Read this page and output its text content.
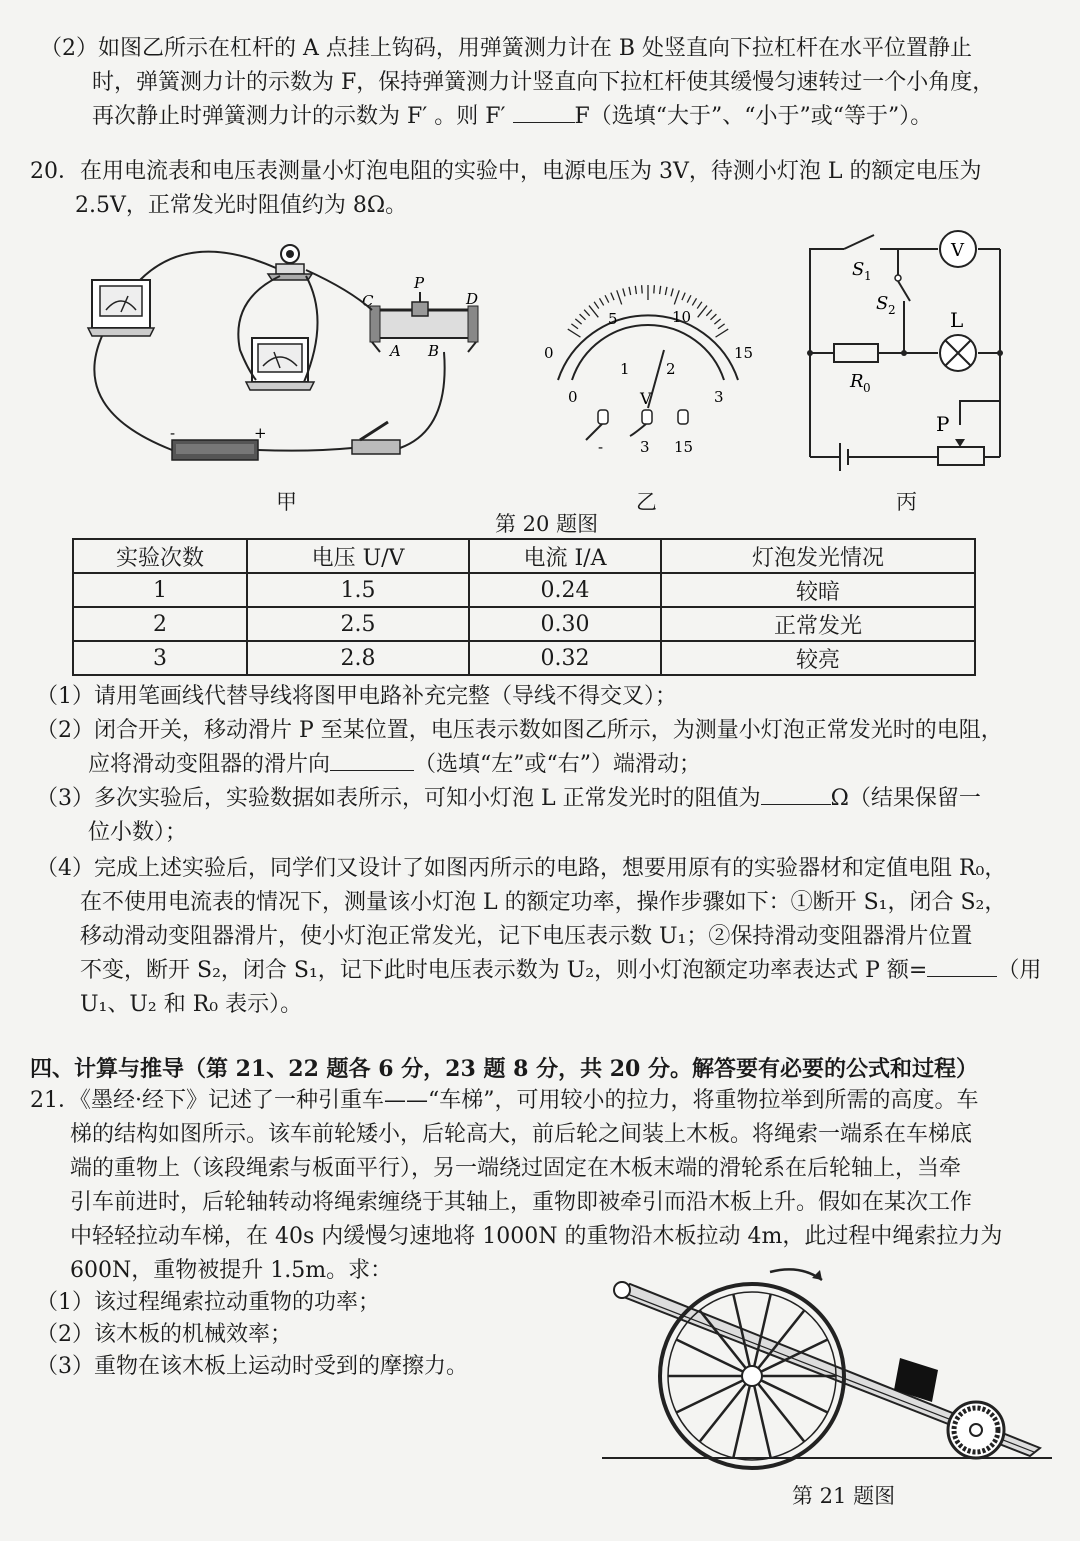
（2）如图乙所示在杠杆的 A 点挂上钩码，用弹簧测力计在 B 处竖直向下拉杠杆在水平位置静止
时，弹簧测力计的示数为 F，保持弹簧测力计竖直向下拉杠杆使其缓慢匀速转过一个小角度，
再次静止时弹簧测力计的示数为 F′ 。则 F′	F（选填“大于”、“小于”或“等于”）。
20．在用电流表和电压表测量小灯泡电阻的实验中，电源电压为 3V，待测小灯泡 L 的额定电压为
2.5V，正常发光时阻值约为 8Ω。
C
P
D
A B
-	+
甲
0
5	10
15
0
1 2
3
V
- 3 15
乙
V
S 1
S 2	L
R 0
P
丙
第 20 题图
实验次数	电压 U/V	电流 I/A	灯泡发光情况
1	1.5	0.24	较暗
2	2.5	0.30	正常发光
3	2.8	0.32	较亮
（1）请用笔画线代替导线将图甲电路补充完整（导线不得交叉）；
（2）闭合开关，移动滑片 P 至某位置，电压表示数如图乙所示，为测量小灯泡正常发光时的电阻，
应将滑动变阻器的滑片向	（选填“左”或“右”）端滑动；
（3）多次实验后，实验数据如表所示，可知小灯泡 L 正常发光时的阻值为	Ω（结果保留一
位小数）；
（4）完成上述实验后，同学们又设计了如图丙所示的电路，想要用原有的实验器材和定值电阻 R₀，
在不使用电流表的情况下，测量该小灯泡 L 的额定功率，操作步骤如下：①断开 S₁，闭合 S₂，
移动滑动变阻器滑片，使小灯泡正常发光，记下电压表示数 U₁；②保持滑动变阻器滑片位置
不变，断开 S₂，闭合 S₁，记下此时电压表示数为 U₂，则小灯泡额定功率表达式 P 额=	（用
U₁、U₂ 和 R₀ 表示）。
四、计算与推导（第 21、22 题各 6 分，23 题 8 分，共 20 分。解答要有必要的公式和过程）
21．《墨经·经下》记述了一种引重车——“车梯”，可用较小的拉力，将重物拉举到所需的高度。车
梯的结构如图所示。该车前轮矮小，后轮高大，前后轮之间装上木板。将绳索一端系在车梯底
端的重物上（该段绳索与板面平行），另一端绕过固定在木板末端的滑轮系在后轮轴上，当牵
引车前进时，后轮轴转动将绳索缠绕于其轴上，重物即被牵引而沿木板上升。假如在某次工作
中轻轻拉动车梯，在 40s 内缓慢匀速地将 1000N 的重物沿木板拉动 4m，此过程中绳索拉力为
600N，重物被提升 1.5m。求：
（1）该过程绳索拉动重物的功率；
（2）该木板的机械效率；
（3）重物在该木板上运动时受到的摩擦力。
第 21 题图
